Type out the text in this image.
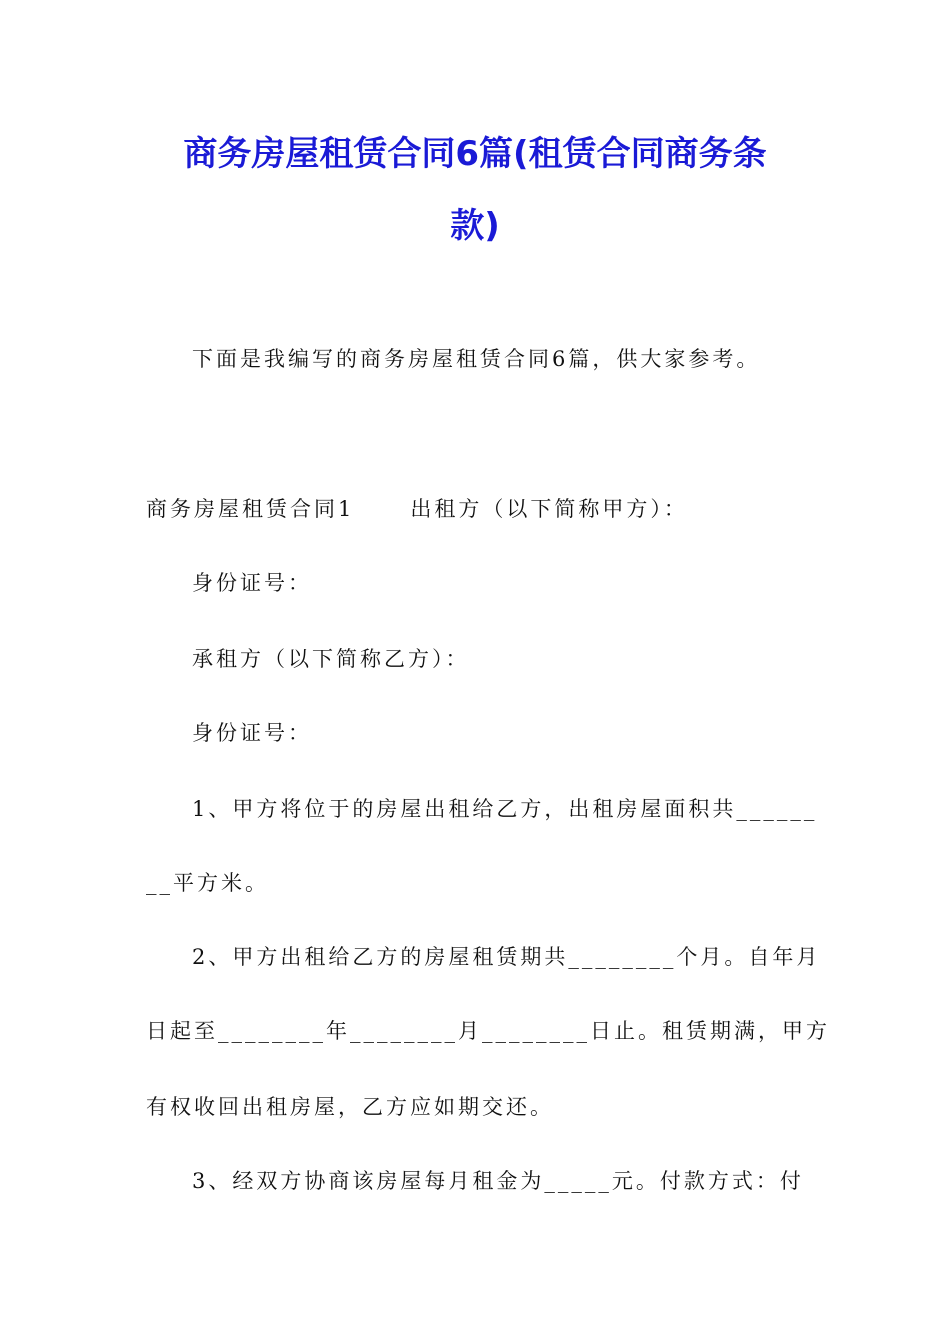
商务房屋租赁合同6篇(租赁合同商务条
款)
下面是我编写的商务房屋租赁合同6篇，供大家参考。
商务房屋租赁合同1	出租方（以下简称甲方）：
身份证号：
承租方（以下简称乙方）：
身份证号：
1、甲方将位于的房屋出租给乙方，出租房屋面积共______
__平方米。
2、甲方出租给乙方的房屋租赁期共________个月。自年月
日起至________年________月________日止。租赁期满，甲方
有权收回出租房屋，乙方应如期交还。
3、经双方协商该房屋每月租金为_____元。付款方式：付
